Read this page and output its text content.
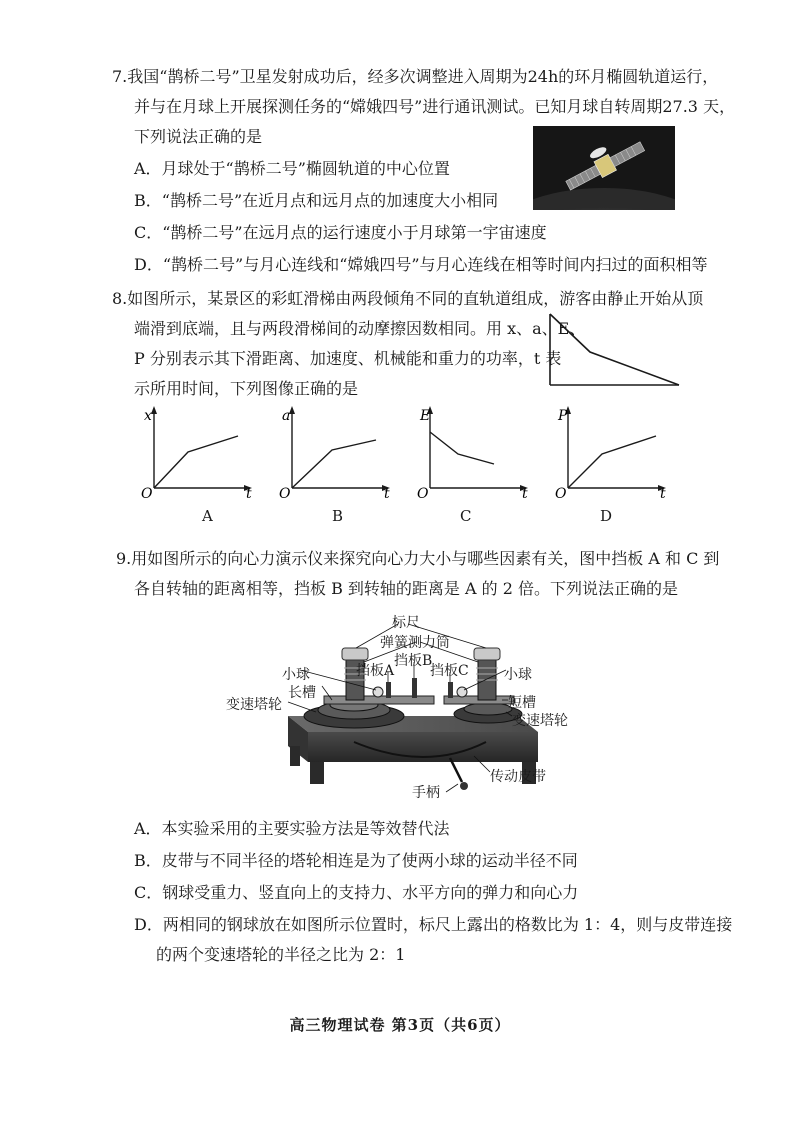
7.我国“鹊桥二号”卫星发射成功后，经多次调整进入周期为24h的环月椭圆轨道运行，
并与在月球上开展探测任务的“嫦娥四号”进行通讯测试。已知月球自转周期27.3 天，
下列说法正确的是
A．月球处于“鹊桥二号”椭圆轨道的中心位置
B．“鹊桥二号”在近月点和远月点的加速度大小相同
C．“鹊桥二号”在远月点的运行速度小于月球第一宇宙速度
D．“鹊桥二号”与月心连线和“嫦娥四号”与月心连线在相等时间内扫过的面积相等
8.如图所示，某景区的彩虹滑梯由两段倾角不同的直轨道组成，游客由静止开始从顶
端滑到底端，且与两段滑梯间的动摩擦因数相同。用 x、a、E、
P 分别表示其下滑距离、加速度、机械能和重力的功率，t 表
示所用时间，下列图像正确的是
x
O	t
A
a
O	t
B
E
O	t
C
P
O	t
D
9.用如图所示的向心力演示仪来探究向心力大小与哪些因素有关，图中挡板 A 和 C 到
各自转轴的距离相等，挡板 B 到转轴的距离是 A 的 2 倍。下列说法正确的是
标尺
弹簧测力筒
挡板B
挡板A	挡板C
小球	小球
长槽
短槽
变速塔轮
变速塔轮
手柄
传动皮带
A．本实验采用的主要实验方法是等效替代法
B．皮带与不同半径的塔轮相连是为了使两小球的运动半径不同
C．钢球受重力、竖直向上的支持力、水平方向的弹力和向心力
D．两相同的钢球放在如图所示位置时，标尺上露出的格数比为 1：4，则与皮带连接
的两个变速塔轮的半径之比为 2：1
高三物理试卷 第3页（共6页）
